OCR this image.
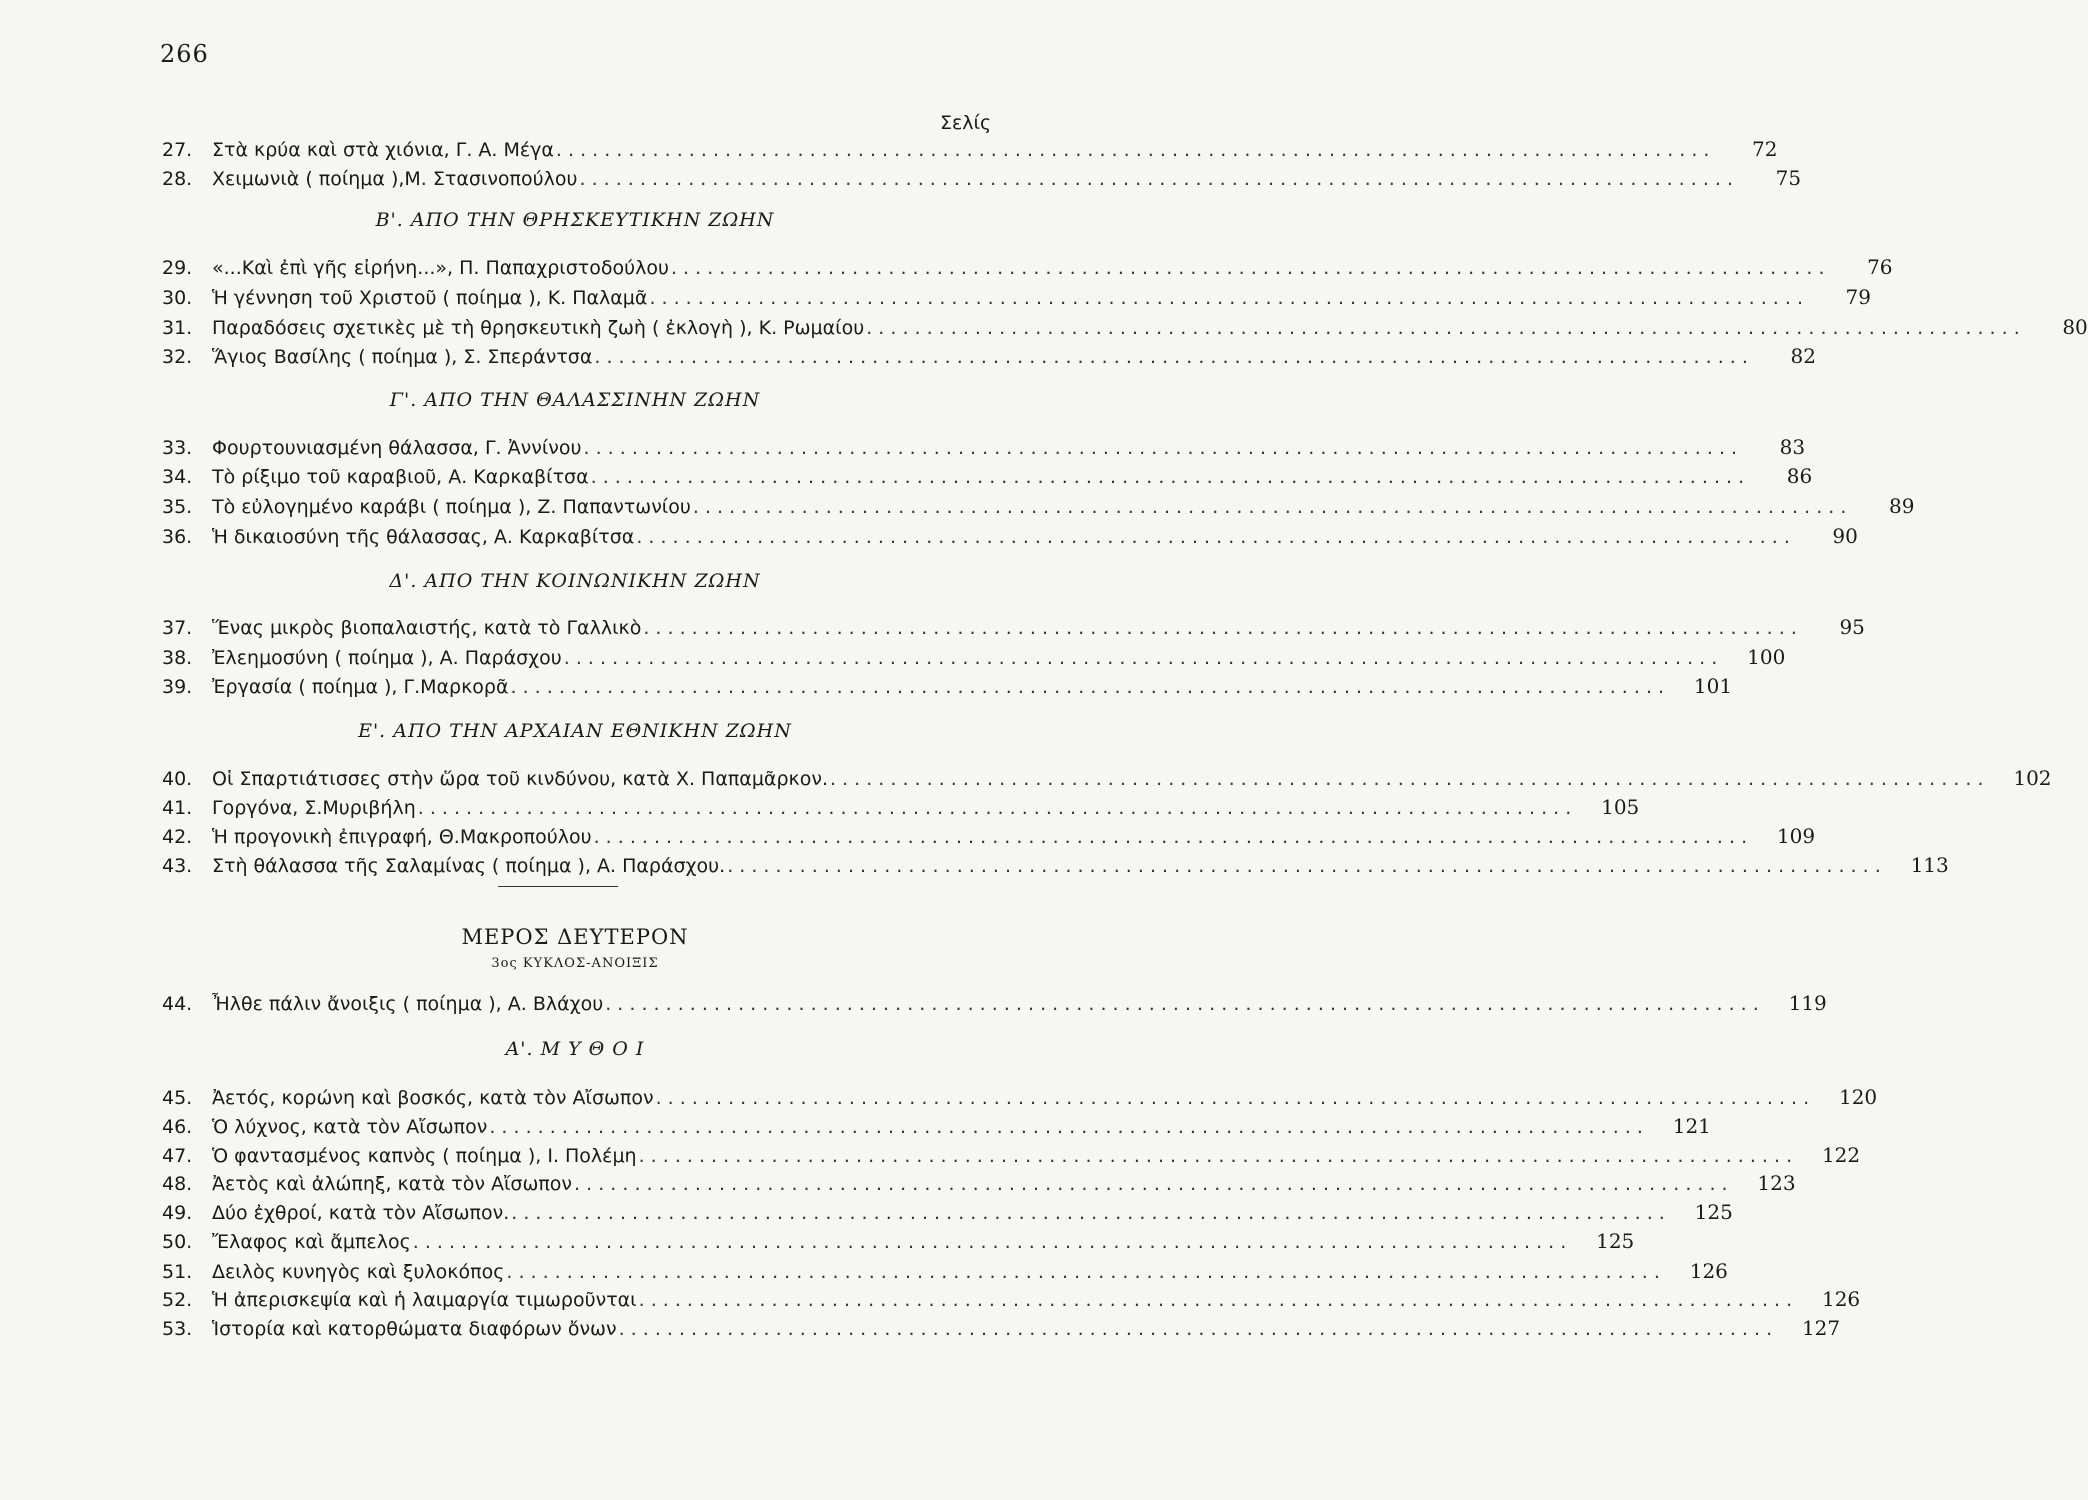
266
Σελίς
27.	Στὰ κρύα καὶ στὰ χιόνια, Γ. Α. Μέγα . . .	72
28.	Χειμωνιὰ ( ποίημα ),Μ. Στασινοπούλου . . .	75
Β'. ΑΠΟ ΤΗΝ ΘΡΗΣΚΕΥΤΙΚΗΝ ΖΩΗΝ
29.	«...Καὶ ἐπὶ γῆς εἰρήνη...», Π. Παπαχριστοδούλου . . .	76
30.	Ἡ γέννηση τοῦ Χριστοῦ ( ποίημα ), Κ. Παλαμᾶ . . .	79
31.	Παραδόσεις σχετικὲς μὲ τὴ θρησκευτικὴ ζωὴ ( ἐκλογὴ ), Κ. Ρωμαίου . . .	80
32.	Ἅγιος Βασίλης ( ποίημα ), Σ. Σπεράντσα . . .	82
Γ'. ΑΠΟ ΤΗΝ ΘΑΛΑΣΣΙΝΗΝ ΖΩΗΝ
33.	Φουρτουνιασμένη θάλασσα, Γ. Ἀννίνου . . .	83
34.	Τὸ ρίξιμο τοῦ καραβιοῦ, Α. Καρκαβίτσα . . .	86
35.	Τὸ εὐλογημένο καράβι ( ποίημα ), Ζ. Παπαντωνίου . . .	89
36.	Ἡ δικαιοσύνη τῆς θάλασσας, Α. Καρκαβίτσα . . .	90
Δ'. ΑΠΟ ΤΗΝ ΚΟΙΝΩΝΙΚΗΝ ΖΩΗΝ
37.	Ἕνας μικρὸς βιοπαλαιστής, κατὰ τὸ Γαλλικὸ . . .	95
38.	Ἐλεημοσύνη ( ποίημα ), Α. Παράσχου . . .	100
39.	Ἐργασία ( ποίημα ), Γ.Μαρκορᾶ . . .	101
Ε'. ΑΠΟ ΤΗΝ ΑΡΧΑΙΑΝ ΕΘΝΙΚΗΝ ΖΩΗΝ
40.	Οἱ Σπαρτιάτισσες στὴν ὥρα τοῦ κινδύνου, κατὰ Χ. Παπαμᾶρκον. . . .	102
41.	Γοργόνα, Σ.Μυριβήλη . . .	105
42.	Ἡ προγονικὴ ἐπιγραφή, Θ.Μακροπούλου . . .	109
43.	Στὴ θάλασσα τῆς Σαλαμίνας ( ποίημα ), Α. Παράσχου. . . .	113
ΜΕΡΟΣ ΔΕΥΤΕΡΟΝ
3ος ΚΥΚΛΟΣ-ΑΝΟΙΞΙΣ
44.	Ἦλθε πάλιν ἄνοιξις ( ποίημα ), Α. Βλάχου . . .	119
Α'. Μ Υ Θ Ο Ι
45.	Ἀετός, κορώνη καὶ βοσκός, κατὰ τὸν Αἴσωπον . . .	120
46.	Ὁ λύχνος, κατὰ τὸν Αἴσωπον . . .	121
47.	Ὁ φαντασμένος καπνὸς ( ποίημα ), Ι. Πολέμη . . .	122
48.	Ἀετὸς καὶ ἀλώπηξ, κατὰ τὸν Αἴσωπον . . .	123
49.	Δύο ἐχθροί, κατὰ τὸν Αἴσωπον. . . .	125
50.	Ἔλαφος καὶ ἄμπελος . . .	125
51.	Δειλὸς κυνηγὸς καὶ ξυλοκόπος . . .	126
52.	Ἡ ἀπερισκεψία καὶ ἡ λαιμαργία τιμωροῦνται . . .	126
53.	Ἱστορία καὶ κατορθώματα διαφόρων ὄνων . . .	127
